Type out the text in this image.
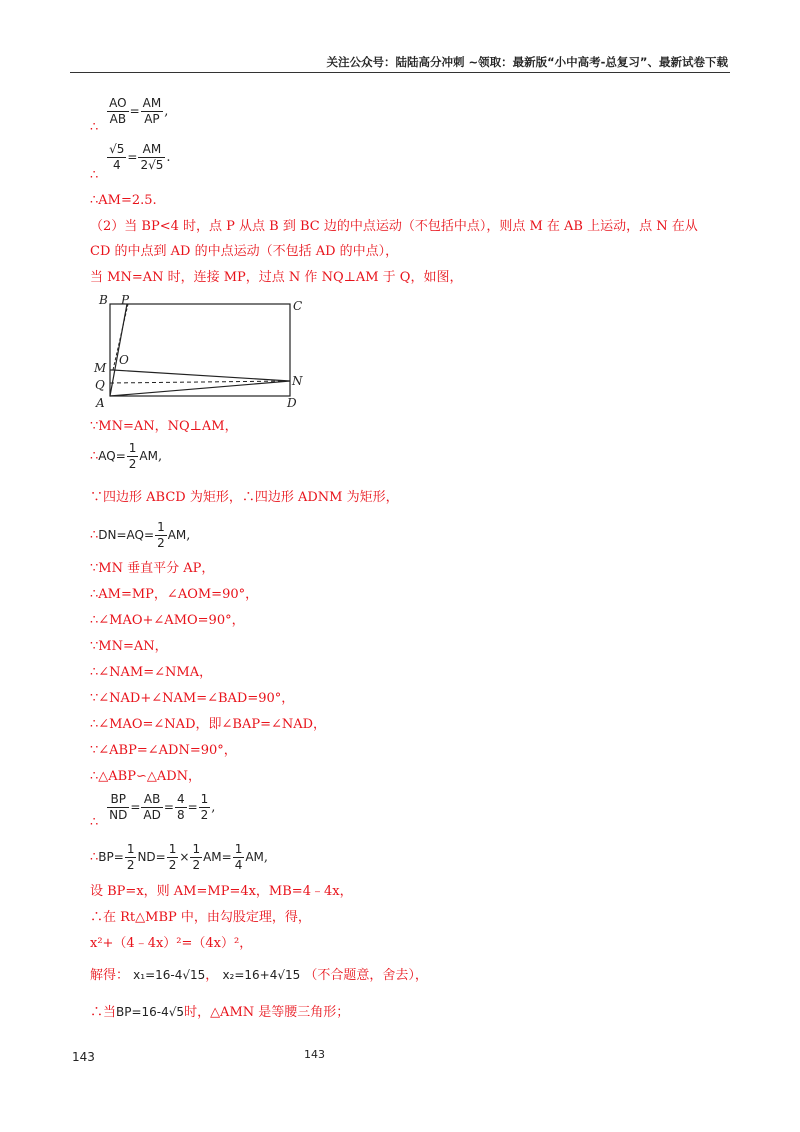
关注公众号：陆陆高分冲刺 ~领取：最新版“小中高考-总复习”、最新试卷下载

$\frac{AO}{AB} = \frac{AM}{AP}$ ,
∴

$\frac{√5}{4} = \frac{AM}{2√5}$ .
∴
∴AM=2.5.
（2）当 BP<4 时，点 P 从点 B 到 BC 边的中点运动（不包括中点），则点 M 在 AB 上运动，点 N 在从
CD 的中点到 AD 的中点运动（不包括 AD 的中点），
当 MN=AN 时，连接 MP，过点 N 作 NQ⊥AM 于 Q，如图，
B P	C
M
O
Q	N
A	D
∵MN=AN，NQ⊥AM，
∴AQ= $\frac{1}{2}$ AM,
∵四边形 ABCD 为矩形，∴四边形 ADNM 为矩形，
∴DN=AQ= $\frac{1}{2}$ AM,
∵MN 垂直平分 AP，
∴AM=MP，∠AOM=90°，
∴∠MAO+∠AMO=90°，
∵MN=AN，
∴∠NAM=∠NMA，
∵∠NAD+∠NAM=∠BAD=90°，
∴∠MAO=∠NAD，即∠BAP=∠NAD，
∵∠ABP=∠ADN=90°，
∴△ABP∽△ADN，

$\frac{BP}{ND} = \frac{AB}{AD} = \frac{4}{8} = \frac{1}{2}$ ,
∴
∴BP= $\frac{1}{2} ND= \frac{1}{2} \times \frac{1}{2} AM= \frac{1}{4}$ AM,
设 BP=x，则 AM=MP=4x，MB=4﹣4x，
∴在 Rt△MBP 中，由勾股定理，得，
x²+（4﹣4x）²=（4x）²，
解得： x₁=16-4√15， x₂=16+4√15 （不合题意，舍去），
∴当BP=16-4√5时，△AMN 是等腰三角形；
143	143
